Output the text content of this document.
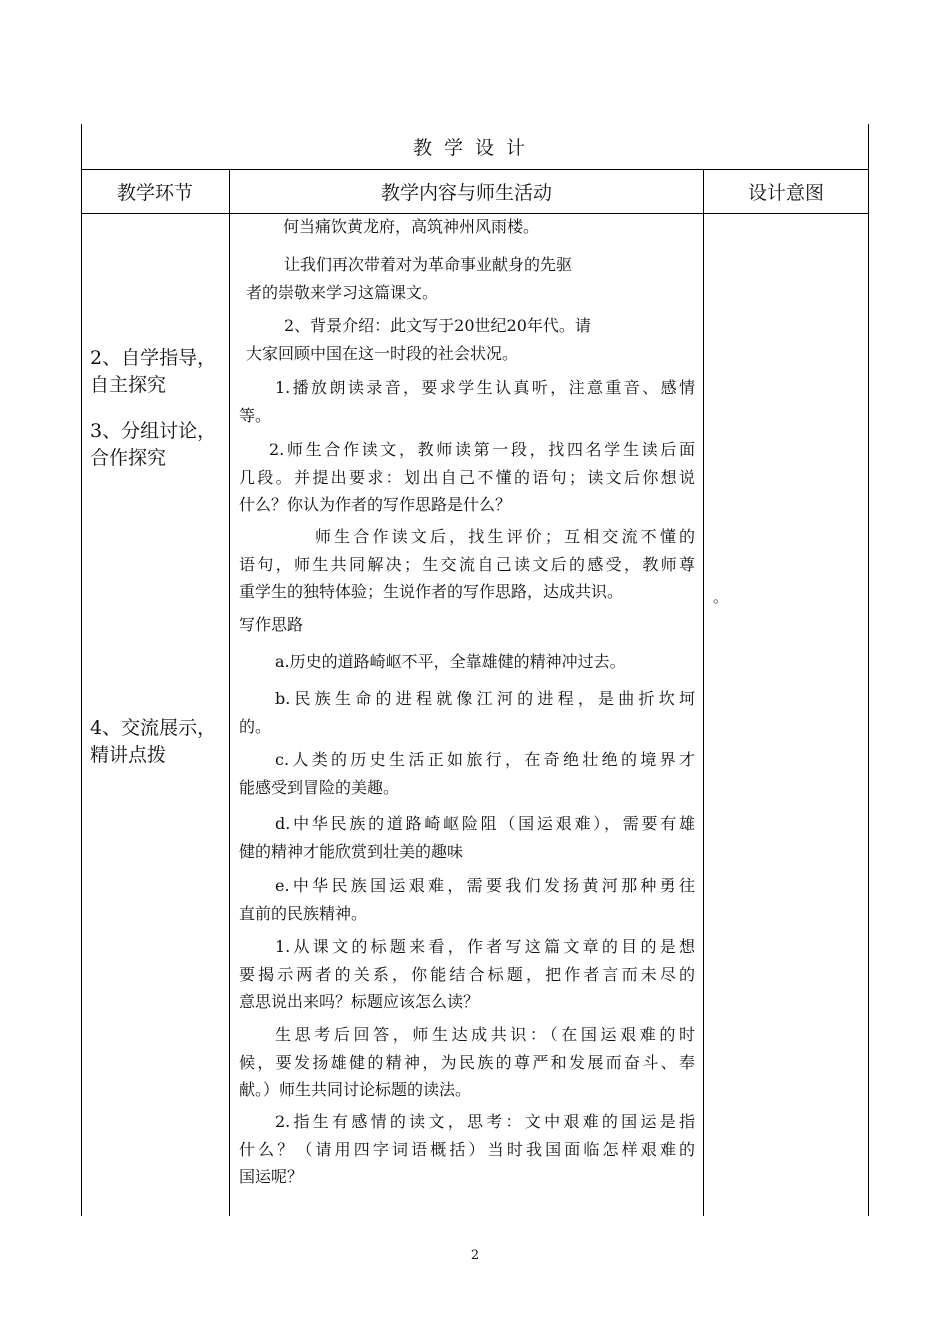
教学设计
教学环节	教学内容与师生活动	设计意图
2、自学指导，
自主探究
3、分组讨论，
合作探究
4、交流展示，
精讲点拨
何当痛饮黄龙府，高筑神州风雨楼。
让我们再次带着对为革命事业献身的先驱
者的崇敬来学习这篇课文。
2、背景介绍：此文写于20世纪20年代。请
大家回顾中国在这一时段的社会状况。
1.播放朗读录音，要求学生认真听，注意重音、感情
等。
2.师生合作读文，教师读第一段，找四名学生读后面
几段。并提出要求：划出自己不懂的语句；读文后你想说
什么？你认为作者的写作思路是什么？
师生合作读文后，找生评价；互相交流不懂的
语句，师生共同解决；生交流自己读文后的感受，教师尊
重学生的独特体验；生说作者的写作思路，达成共识。
写作思路
a.历史的道路崎岖不平，全靠雄健的精神冲过去。
b.民族生命的进程就像江河的进程，是曲折坎坷
的。
c.人类的历史生活正如旅行，在奇绝壮绝的境界才
能感受到冒险的美趣。
d.中华民族的道路崎岖险阻（国运艰难），需要有雄
健的精神才能欣赏到壮美的趣味
e.中华民族国运艰难，需要我们发扬黄河那种勇往
直前的民族精神。
1.从课文的标题来看，作者写这篇文章的目的是想
要揭示两者的关系，你能结合标题，把作者言而未尽的
意思说出来吗？标题应该怎么读？
生思考后回答，师生达成共识：（在国运艰难的时
候，要发扬雄健的精神，为民族的尊严和发展而奋斗、奉
献。）师生共同讨论标题的读法。
2.指生有感情的读文，思考：文中艰难的国运是指
什么？（请用四字词语概括）当时我国面临怎样艰难的
国运呢？
。
2
